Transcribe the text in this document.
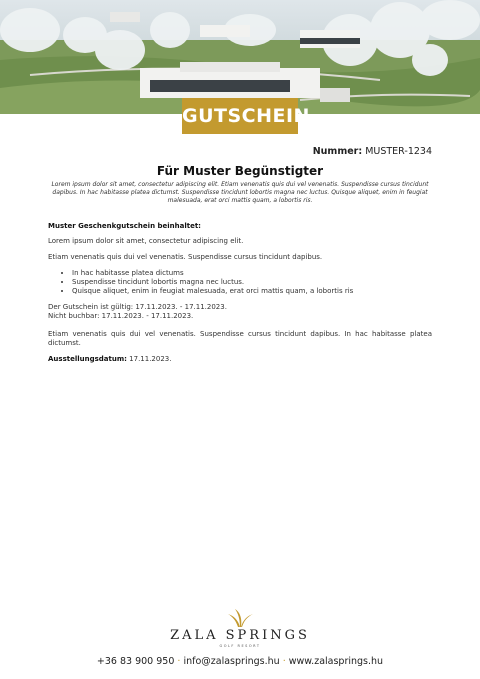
GUTSCHEIN
Nummer: MUSTER-1234
Für Muster Begünstigter
Lorem ipsum dolor sit amet, consectetur adipiscing elit. Etiam venenatis quis dui vel venenatis. Suspendisse cursus tincidunt dapibus. In hac habitasse platea dictumst. Suspendisse tincidunt lobortis magna nec luctus. Quisque aliquet, enim in feugiat malesuada, erat orci mattis quam, a lobortis ris.

Muster Geschenkgutschein beinhaltet:

Lorem ipsum dolor sit amet, consectetur adipiscing elit.

Etiam venenatis quis dui vel venenatis. Suspendisse cursus tincidunt dapibus.

• In hac habitasse platea dictums
• Suspendisse tincidunt lobortis magna nec luctus.
• Quisque aliquet, enim in feugiat malesuada, erat orci mattis quam, a lobortis ris

Der Gutschein ist gültig: 17.11.2023. - 17.11.2023.

Nicht buchbar: 17.11.2023. - 17.11.2023.

Etiam venenatis quis dui vel venenatis. Suspendisse cursus tincidunt dapibus. In hac habitasse platea dictumst.

Ausstellungsdatum: 17.11.2023.

ZALA SPRINGS
GOLF RESORT
+36 83 900 950 · info@zalasprings.hu · www.zalasprings.hu
